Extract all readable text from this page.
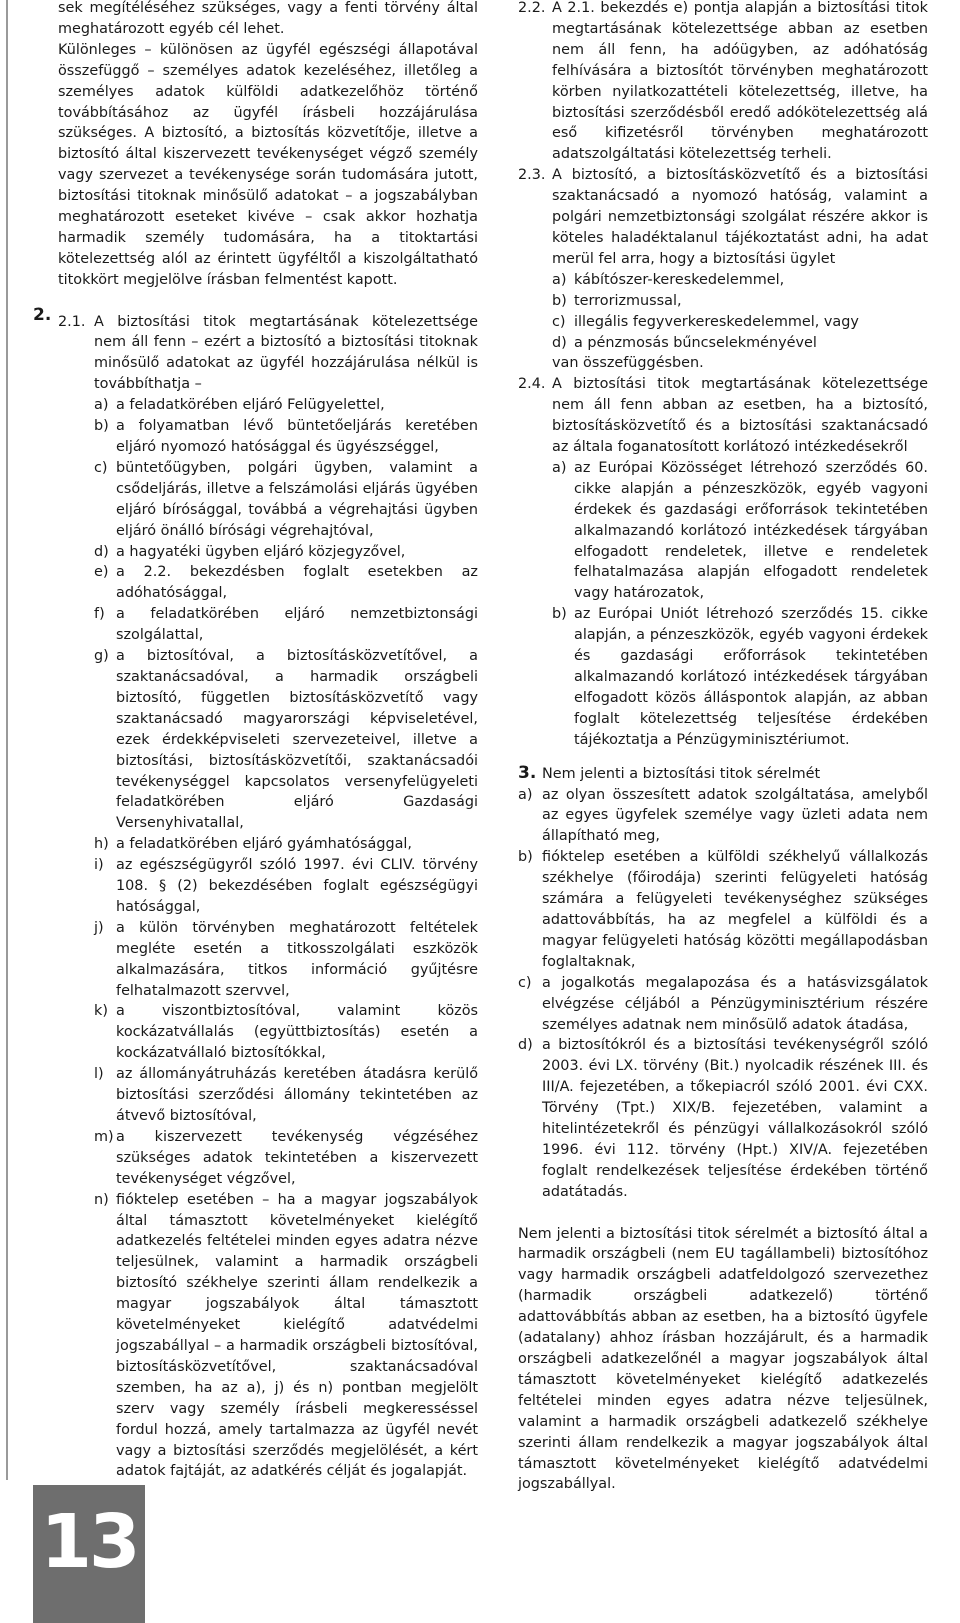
2.

sek megítéléséhez szükséges, vagy a fenti törvény által meghatározott egyéb cél lehet.

Különleges – különösen az ügyfél egészségi állapotával összefüggő – személyes adatok kezeléséhez, illetőleg a személyes adatok külföldi adatkezelőhöz történő továbbításához az ügyfél írásbeli hozzájárulása szükséges. A biztosító, a biztosítás közvetítője, illetve a biztosító által kiszervezett tevékenységet végző személy vagy szervezet a tevékenysége során tudomására jutott, biztosítási titoknak minősülő adatokat – a jogszabályban meghatározott eseteket kivéve – csak akkor hozhatja harmadik személy tudomására, ha a titoktartási kötelezettség alól az érintett ügyféltől a kiszolgáltatható titokkört megjelölve írásban felmentést kapott.

2.1. A biztosítási titok megtartásának kötelezettsége nem áll fenn – ezért a biztosító a biztosítási titoknak minősülő adatokat az ügyfél hozzájárulása nélkül is továbbíthatja –

a) a feladatkörében eljáró Felügyelettel,
b) a folyamatban lévő büntetőeljárás keretében eljáró nyomozó hatósággal és ügyészséggel,
c) büntetőügyben, polgári ügyben, valamint a csődeljárás, illetve a felszámolási eljárás ügyében eljáró bírósággal, továbbá a végrehajtási ügyben eljáró önálló bírósági végrehajtóval,
d) a hagyatéki ügyben eljáró közjegyzővel,
e) a 2.2. bekezdésben foglalt esetekben az adóhatósággal,
f) a feladatkörében eljáró nemzetbiztonsági szolgálattal,
g) a biztosítóval, a biztosításközvetítővel, a szaktanácsadóval, a harmadik országbeli biztosító, független biztosításközvetítő vagy szaktanácsadó magyarországi képviseletével, ezek érdekképviseleti szervezeteivel, illetve a biztosítási, biztosításközvetítői, szaktanácsadói tevékenységgel kapcsolatos versenyfelügyeleti feladatkörében eljáró Gazdasági Versenyhivatallal,
h) a feladatkörében eljáró gyámhatósággal,
i) az egészségügyről szóló 1997. évi CLIV. törvény 108. § (2) bekezdésében foglalt egészségügyi hatósággal,
j) a külön törvényben meghatározott feltételek megléte esetén a titkosszolgálati eszközök alkalmazására, titkos információ gyűjtésre felhatalmazott szervvel,
k) a viszontbiztosítóval, valamint közös kockázatvállalás (együttbiztosítás) esetén a kockázatvállaló biztosítókkal,
l) az állományátruházás keretében átadásra kerülő biztosítási szerződési állomány tekintetében az átvevő biztosítóval,
m) a kiszervezett tevékenység végzéséhez szükséges adatok tekintetében a kiszervezett tevékenységet végzővel,
n) fióktelep esetében – ha a magyar jogszabályok által támasztott követelményeket kielégítő adatkezelés feltételei minden egyes adatra nézve teljesülnek, valamint a harmadik országbeli biztosító székhelye szerinti állam rendelkezik a magyar jogszabályok által támasztott követelményeket kielégítő adatvédelmi jogszabállyal – a harmadik országbeli biztosítóval, biztosításközvetítővel, szaktanácsadóval szemben, ha az a), j) és n) pontban megjelölt szerv vagy személy írásbeli megkeresséssel fordul hozzá, amely tartalmazza az ügyfél nevét vagy a biztosítási szerződés megjelölését, a kért adatok fajtáját, az adatkérés célját és jogalapját.
2.2. A 2.1. bekezdés e) pontja alapján a biztosítási titok megtartásának kötelezettsége abban az esetben nem áll fenn, ha adóügyben, az adóhatóság felhívására a biztosítót törvényben meghatározott körben nyilatkozattételi kötelezettség, illetve, ha biztosítási szerződésből eredő adókötelezettség alá eső kifizetésről törvényben meghatározott adatszolgáltatási kötelezettség terheli.

2.3. A biztosító, a biztosításközvetítő és a biztosítási szaktanácsadó a nyomozó hatóság, valamint a polgári nemzetbiztonsági szolgálat részére akkor is köteles haladéktalanul tájékoztatást adni, ha adat merül fel arra, hogy a biztosítási ügylet

a) kábítószer-kereskedelemmel,
b) terrorizmussal,
c) illegális fegyverkereskedelemmel, vagy
d) a pénzmosás bűncselekményével

van összefüggésben.

2.4. A biztosítási titok megtartásának kötelezettsége nem áll fenn abban az esetben, ha a biztosító, biztosításközvetítő és a biztosítási szaktanácsadó az általa foganatosított korlátozó intézkedésekről

a) az Európai Közösséget létrehozó szerződés 60. cikke alapján a pénzeszközök, egyéb vagyoni érdekek és gazdasági erőforrások tekintetében alkalmazandó korlátozó intézkedések tárgyában elfogadott rendeletek, illetve e rendeletek felhatalmazása alapján elfogadott rendeletek vagy határozatok,
b) az Európai Uniót létrehozó szerződés 15. cikke alapján, a pénzeszközök, egyéb vagyoni érdekek és gazdasági erőforrások tekintetében alkalmazandó korlátozó intézkedések tárgyában elfogadott közös álláspontok alapján, az abban foglalt kötelezettség teljesítése érdekében tájékoztatja a Pénzügyminisztériumot.
3. Nem jelenti a biztosítási titok sérelmét
a) az olyan összesített adatok szolgáltatása, amelyből az egyes ügyfelek személye vagy üzleti adata nem állapítható meg,
b) fióktelep esetében a külföldi székhelyű vállalkozás székhelye (főirodája) szerinti felügyeleti hatóság számára a felügyeleti tevékenységhez szükséges adattovábbítás, ha az megfelel a külföldi és a magyar felügyeleti hatóság közötti megállapodásban foglaltaknak,
c) a jogalkotás megalapozása és a hatásvizsgálatok elvégzése céljából a Pénzügyminisztérium részére személyes adatnak nem minősülő adatok átadása,
d) a biztosítókról és a biztosítási tevékenységről szóló 2003. évi LX. törvény (Bit.) nyolcadik részének III. és III/A. fejezetében, a tőkepiacról szóló 2001. évi CXX. Törvény (Tpt.) XIX/B. fejezetében, valamint a hitelintézetekről és pénzügyi vállalkozásokról szóló 1996. évi 112. törvény (Hpt.) XIV/A. fejezetében foglalt rendelkezések teljesítése érdekében történő adatátadás.

Nem jelenti a biztosítási titok sérelmét a biztosító által a harmadik országbeli (nem EU tagállambeli) biztosítóhoz vagy harmadik országbeli adatfeldolgozó szervezethez (harmadik országbeli adatkezelő) történő adattovábbítás abban az esetben, ha a biztosító ügyfele (adatalany) ahhoz írásban hozzájárult, és a harmadik országbeli adatkezelőnél a magyar jogszabályok által támasztott követelményeket kielégítő adatkezelés feltételei minden egyes adatra nézve teljesülnek, valamint a harmadik országbeli adatkezelő székhelye szerinti állam rendelkezik a magyar jogszabályok által támasztott követelményeket kielégítő adatvédelmi jogszabállyal.

13
